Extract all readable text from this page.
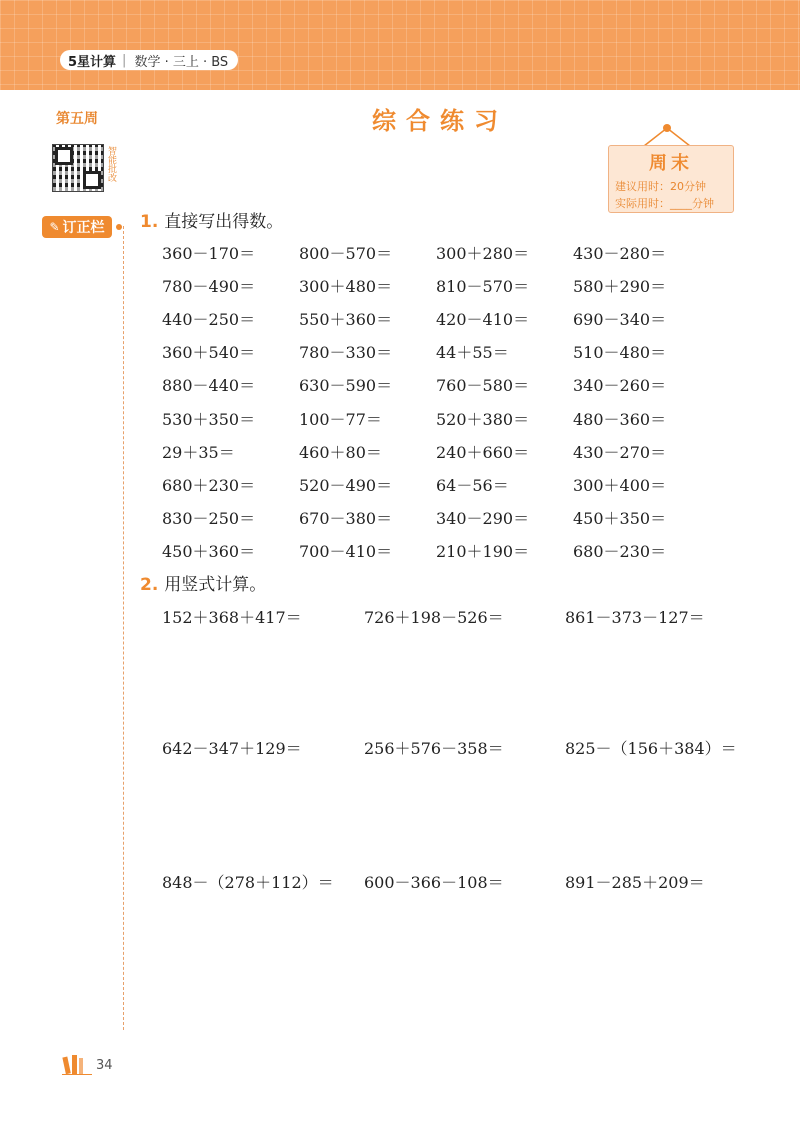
5星计算 | 数学 · 三上 · BS
第五周
智能批改
✎ 订正栏
综合练习
周末
建议用时：20分钟
实际用时：____分钟
1. 直接写出得数。
2. 用竖式计算。
360－170＝	800－570＝	300＋280＝	430－280＝
780－490＝	300＋480＝	810－570＝	580＋290＝
440－250＝	550＋360＝	420－410＝	690－340＝
360＋540＝	780－330＝	44＋55＝	510－480＝
880－440＝	630－590＝	760－580＝	340－260＝
530＋350＝	100－77＝	520＋380＝	480－360＝
29＋35＝	460＋80＝	240＋660＝	430－270＝
680＋230＝	520－490＝	64－56＝	300＋400＝
830－250＝	670－380＝	340－290＝	450＋350＝
450＋360＝	700－410＝	210＋190＝	680－230＝
152＋368＋417＝	726＋198－526＝	861－373－127＝
642－347＋129＝	256＋576－358＝	825－（156＋384）＝
848－（278＋112）＝ 600－366－108＝	891－285＋209＝
34
